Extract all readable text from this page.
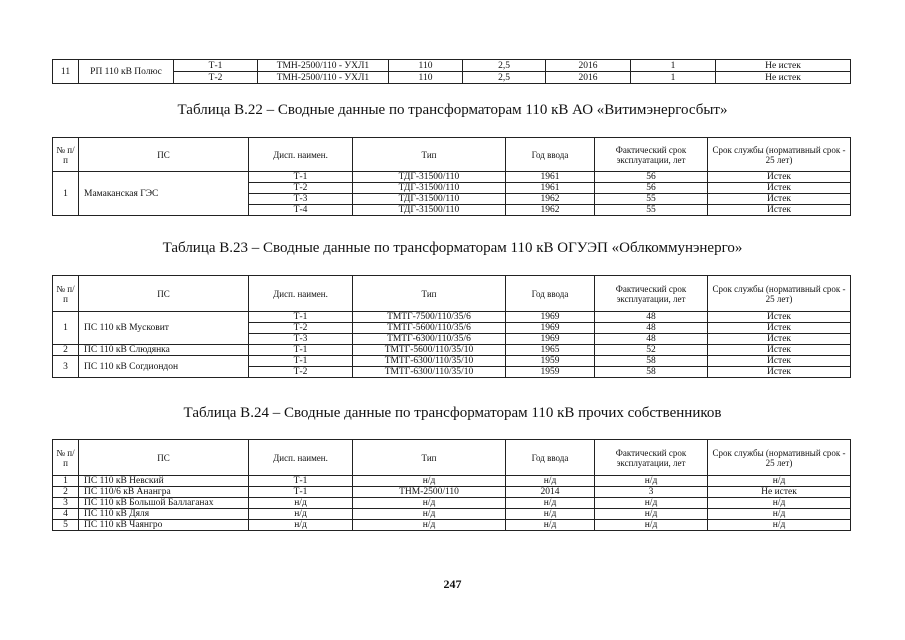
11	РП 110 кВ Полюс	Т-1	ТМН-2500/110 - УХЛ1	110	2,5	2016	1	Не истек
		Т-2	ТМН-2500/110 - УХЛ1	110	2,5	2016	1	Не истек
Таблица В.22 – Сводные данные по трансформаторам 110 кВ АО «Витимэнергосбыт»
№ п/п	ПС	Дисп. наимен.	Тип	Год ввода	Фактический срок эксплуатации, лет	Срок службы (нормативный срок - 25 лет)
1	Мамаканская ГЭС	Т-1	ТДГ-31500/110	1961	56	Истек
		Т-2	ТДГ-31500/110	1961	56	Истек
		Т-3	ТДГ-31500/110	1962	55	Истек
		Т-4	ТДГ-31500/110	1962	55	Истек
Таблица В.23 – Сводные данные по трансформаторам 110 кВ ОГУЭП «Облкоммунэнерго»
№ п/п	ПС	Дисп. наимен.	Тип	Год ввода	Фактический срок эксплуатации, лет	Срок службы (нормативный срок - 25 лет)
1	ПС 110 кВ Мусковит	Т-1	ТМТГ-7500/110/35/6	1969	48	Истек
		Т-2	ТМТГ-5600/110/35/6	1969	48	Истек
		Т-3	ТМТГ-6300/110/35/6	1969	48	Истек
2	ПС 110 кВ Слюдянка	Т-1	ТМТГ-5600/110/35/10	1965	52	Истек
3	ПС 110 кВ Согдиондон	Т-1	ТМТГ-6300/110/35/10	1959	58	Истек
		Т-2	ТМТГ-6300/110/35/10	1959	58	Истек
Таблица В.24 – Сводные данные по трансформаторам 110 кВ прочих собственников
№ п/п	ПС	Дисп. наимен.	Тип	Год ввода	Фактический срок эксплуатации, лет	Срок службы (нормативный срок - 25 лет)
1	ПС 110 кВ Невский	Т-1	н/д	н/д	н/д	н/д
2	ПС 110/6 кВ Анангра	Т-1	ТНМ-2500/110	2014	3	Не истек
3	ПС 110 кВ Большой Баллаганах	н/д	н/д	н/д	н/д	н/д
4	ПС 110 кВ Дяля	н/д	н/д	н/д	н/д	н/д
5	ПС 110 кВ Чаянгро	н/д	н/д	н/д	н/д	н/д
247
